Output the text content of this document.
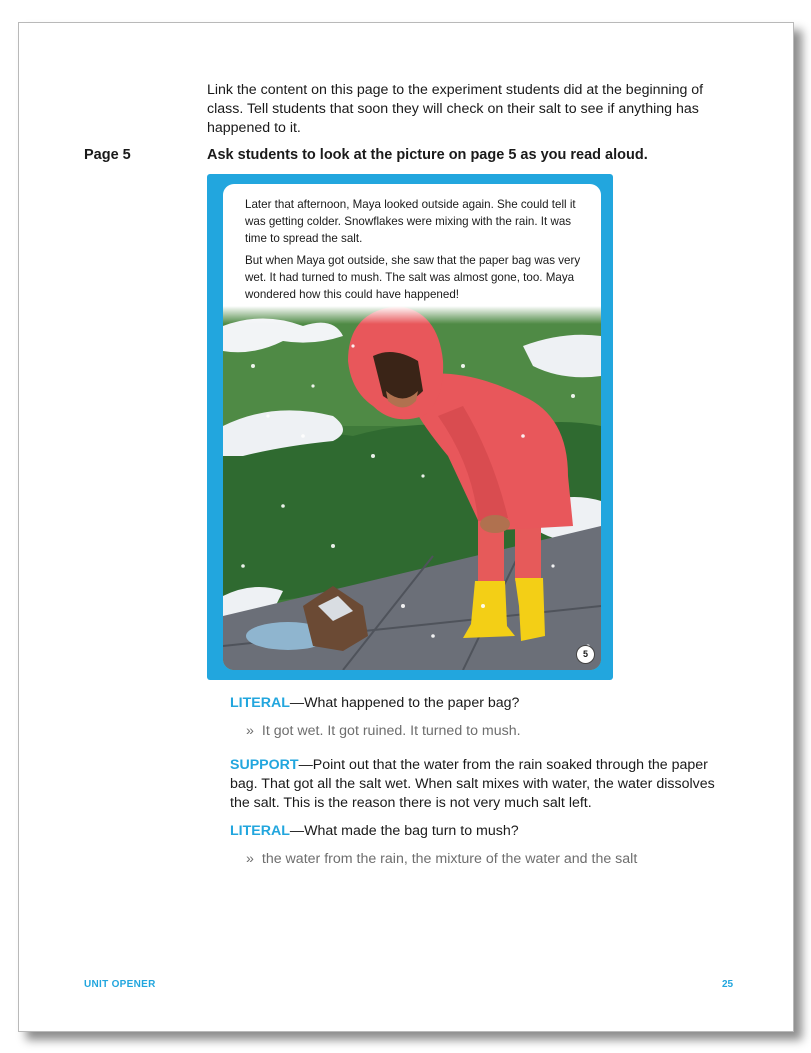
Link the content on this page to the experiment students did at the beginning of class. Tell students that soon they will check on their salt to see if anything has happened to it.
Page 5	Ask students to look at the picture on page 5 as you read aloud.

Later that afternoon, Maya looked outside again. She could tell it was getting colder. Snowflakes were mixing with the rain. It was time to spread the salt.

But when Maya got outside, she saw that the paper bag was very wet. It had turned to mush. The salt was almost gone, too. Maya wondered how this could have happened!

5
LITERAL—What happened to the paper bag?
» It got wet. It got ruined. It turned to mush.
SUPPORT—Point out that the water from the rain soaked through the paper bag. That got all the salt wet. When salt mixes with water, the water dissolves the salt. This is the reason there is not very much salt left.
LITERAL—What made the bag turn to mush?
» the water from the rain, the mixture of the water and the salt
UNIT OPENER	25
